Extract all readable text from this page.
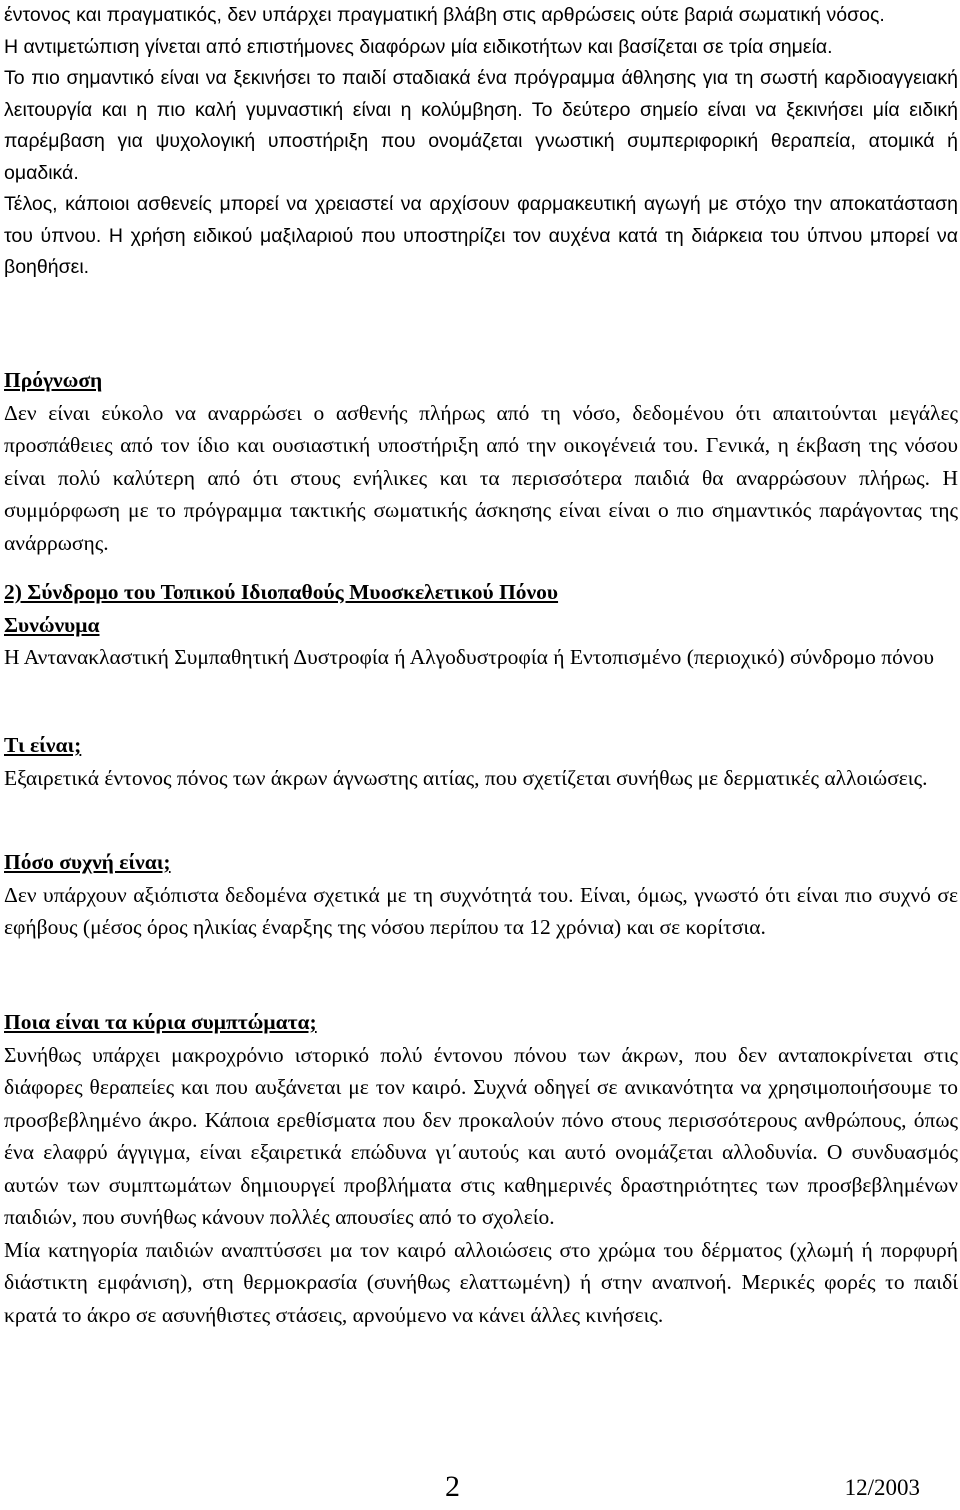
έντονος και πραγματικός, δεν υπάρχει πραγματική βλάβη στις αρθρώσεις ούτε βαριά σωματική νόσος.

Η αντιμετώπιση γίνεται από επιστήμονες διαφόρων μία ειδικοτήτων και βασίζεται σε τρία σημεία.

Το πιο σημαντικό είναι να ξεκινήσει το παιδί σταδιακά ένα πρόγραμμα άθλησης για τη σωστή καρδιοαγγειακή λειτουργία και η πιο καλή γυμναστική είναι η κολύμβηση. Το δεύτερο σημείο είναι να ξεκινήσει μία ειδική παρέμβαση για ψυχολογική υποστήριξη που ονομάζεται γνωστική συμπεριφορική θεραπεία, ατομικά ή ομαδικά.

Τέλος, κάποιοι ασθενείς μπορεί να χρειαστεί να αρχίσουν φαρμακευτική αγωγή με στόχο την αποκατάσταση του ύπνου. Η χρήση ειδικού μαξιλαριού που υποστηρίζει τον αυχένα κατά τη διάρκεια του ύπνου μπορεί να βοηθήσει.

Πρόγνωση

Δεν είναι εύκολο να αναρρώσει ο ασθενής πλήρως από τη νόσο, δεδομένου ότι απαιτούνται μεγάλες προσπάθειες από τον ίδιο και ουσιαστική υποστήριξη από την οικογένειά του. Γενικά, η έκβαση της νόσου είναι πολύ καλύτερη από ότι στους ενήλικες και τα περισσότερα παιδιά θα αναρρώσουν πλήρως. Η συμμόρφωση με το πρόγραμμα τακτικής σωματικής άσκησης είναι είναι ο πιο σημαντικός παράγοντας της ανάρρωσης.

2) Σύνδρομο του Τοπικού Ιδιοπαθούς Μυοσκελετικού Πόνου

Συνώνυμα

Η Αντανακλαστική Συμπαθητική Δυστροφία ή Αλγοδυστροφία ή Εντοπισμένο (περιοχικό) σύνδρομο πόνου

Τι είναι;

Εξαιρετικά έντονος πόνος των άκρων άγνωστης αιτίας, που σχετίζεται συνήθως με δερματικές αλλοιώσεις.

Πόσο συχνή είναι;

Δεν υπάρχουν αξιόπιστα δεδομένα σχετικά με τη συχνότητά του. Είναι, όμως, γνωστό ότι είναι πιο συχνό σε εφήβους (μέσος όρος ηλικίας έναρξης της νόσου περίπου τα 12 χρόνια) και σε κορίτσια.

Ποια είναι τα κύρια συμπτώματα;

Συνήθως υπάρχει μακροχρόνιο ιστορικό πολύ έντονου πόνου των άκρων, που δεν ανταποκρίνεται στις διάφορες θεραπείες και που αυξάνεται με τον καιρό. Συχνά οδηγεί σε ανικανότητα να χρησιμοποιήσουμε το προσβεβλημένο άκρο. Κάποια ερεθίσματα που δεν προκαλούν πόνο στους περισσότερους ανθρώπους, όπως ένα ελαφρύ άγγιγμα, είναι εξαιρετικά επώδυνα γι΄αυτούς και αυτό ονομάζεται αλλοδυνία. Ο συνδυασμός αυτών των συμπτωμάτων δημιουργεί προβλήματα στις καθημερινές δραστηριότητες των προσβεβλημένων παιδιών, που συνήθως κάνουν πολλές απουσίες από το σχολείο.

Μία κατηγορία παιδιών αναπτύσσει μα τον καιρό αλλοιώσεις στο χρώμα του δέρματος (χλωμή ή πορφυρή διάστικτη εμφάνιση), στη θερμοκρασία (συνήθως ελαττωμένη) ή στην αναπνοή. Μερικές φορές το παιδί κρατά το άκρο σε ασυνήθιστες στάσεις, αρνούμενο να κάνει άλλες κινήσεις.

2	12/2003
